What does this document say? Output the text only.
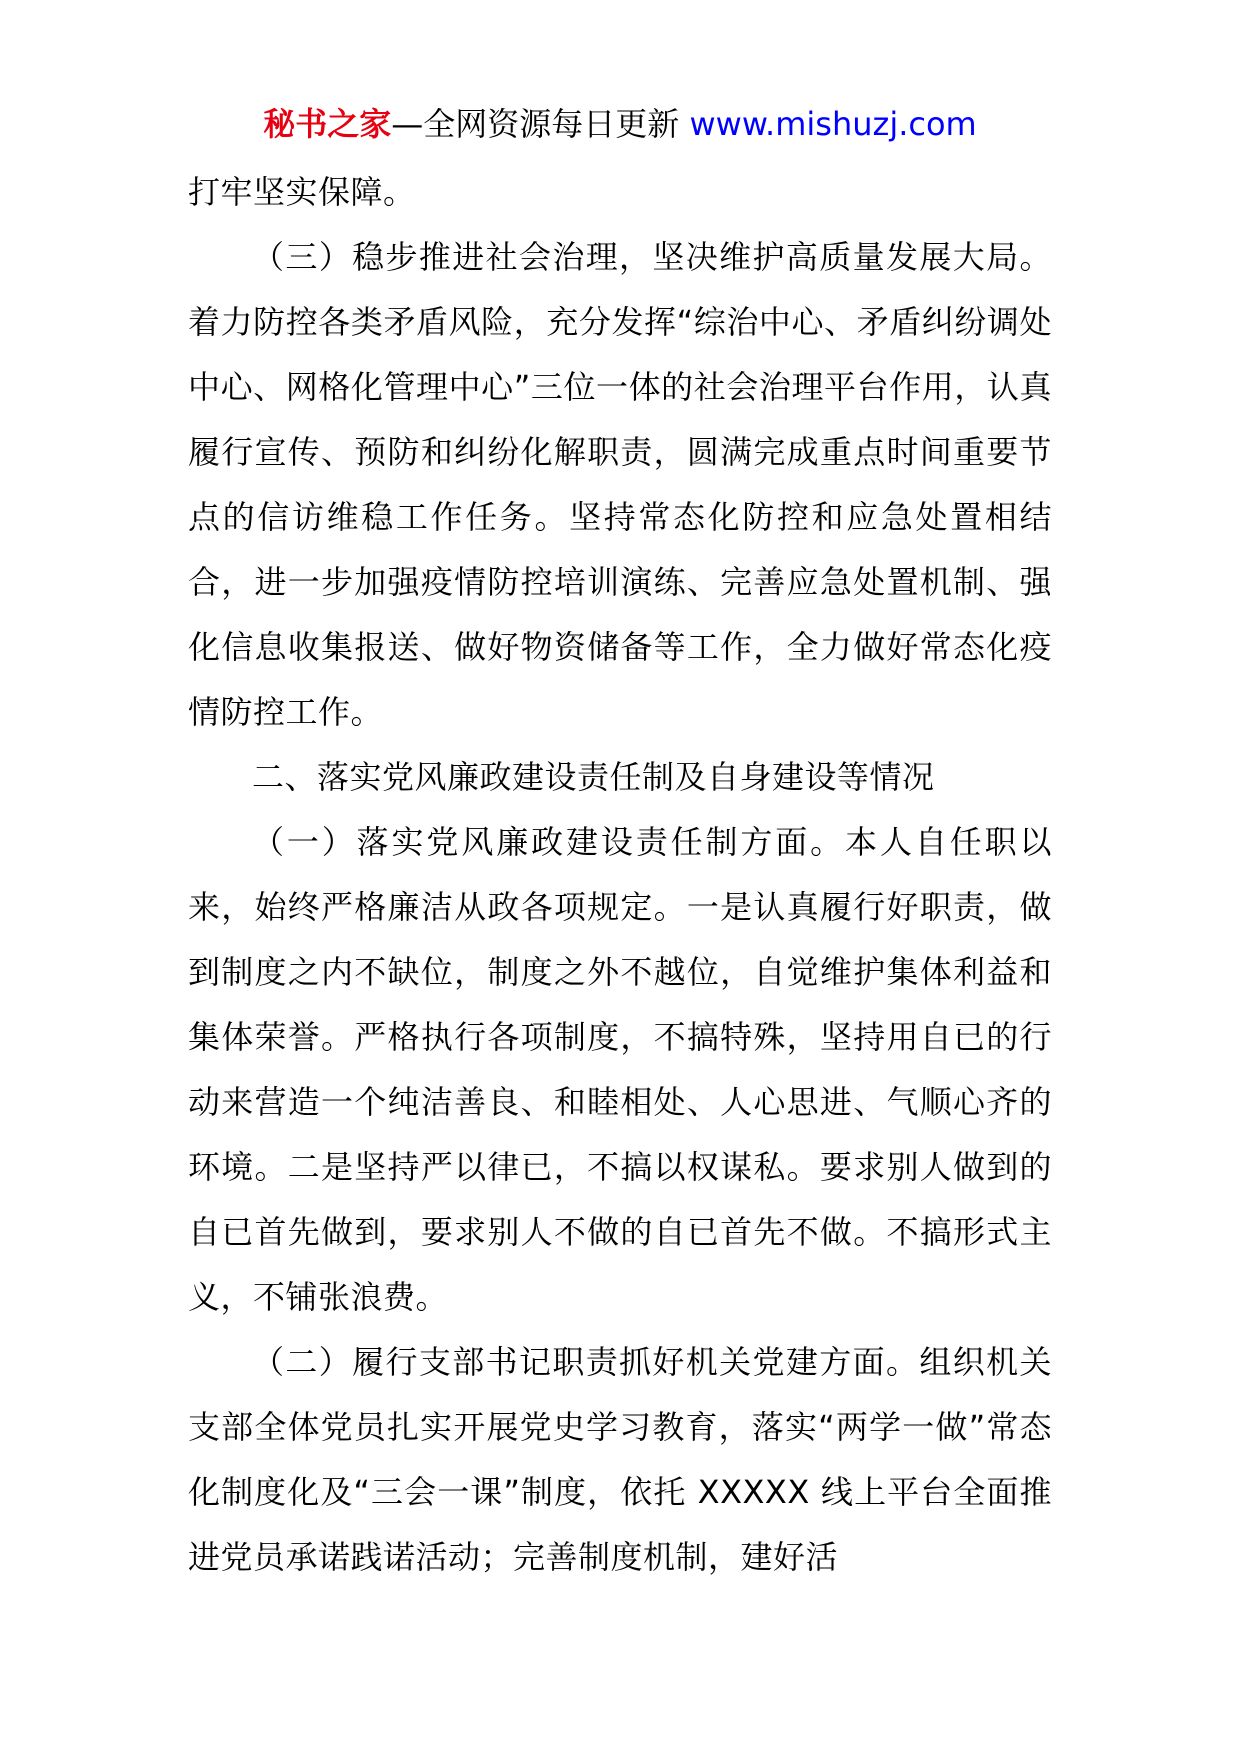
秘书之家—全网资源每日更新 www.mishuzj.com

打牢坚实保障。

（三）稳步推进社会治理，坚决维护高质量发展大局。着力防控各类矛盾风险，充分发挥“综治中心、矛盾纠纷调处中心、网格化管理中心”三位一体的社会治理平台作用，认真履行宣传、预防和纠纷化解职责，圆满完成重点时间重要节点的信访维稳工作任务。坚持常态化防控和应急处置相结合，进一步加强疫情防控培训演练、完善应急处置机制、强化信息收集报送、做好物资储备等工作，全力做好常态化疫情防控工作。

二、落实党风廉政建设责任制及自身建设等情况

（一）落实党风廉政建设责任制方面。本人自任职以来，始终严格廉洁从政各项规定。一是认真履行好职责，做到制度之内不缺位，制度之外不越位，自觉维护集体利益和集体荣誉。严格执行各项制度，不搞特殊，坚持用自已的行动来营造一个纯洁善良、和睦相处、人心思进、气顺心齐的环境。二是坚持严以律已，不搞以权谋私。要求别人做到的自已首先做到，要求别人不做的自已首先不做。不搞形式主义，不铺张浪费。

（二）履行支部书记职责抓好机关党建方面。组织机关支部全体党员扎实开展党史学习教育，落实“两学一做”常态化制度化及“三会一课”制度，依托 XXXXX 线上平台全面推进党员承诺践诺活动；完善制度机制，建好活
